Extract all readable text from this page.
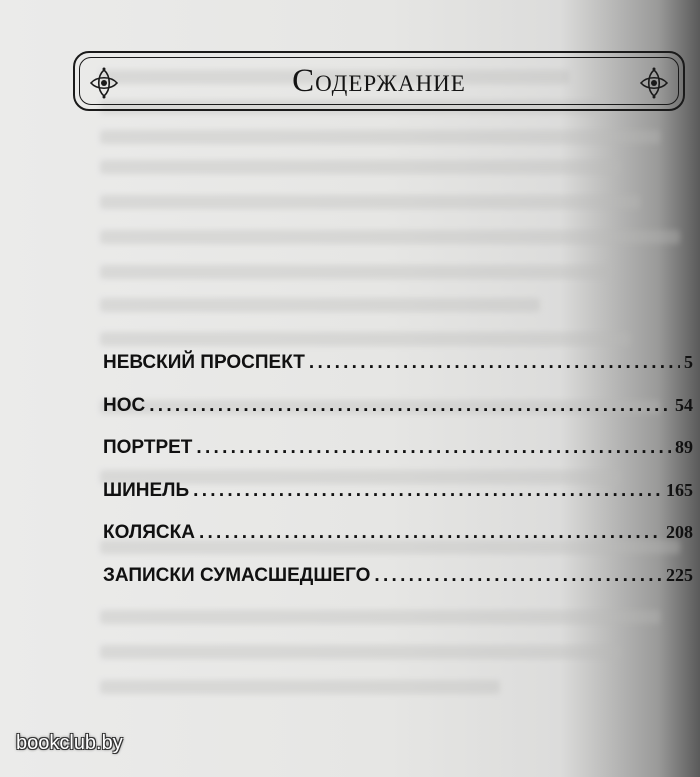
Содержание
НЕВСКИЙ ПРОСПЕКТ . . .	5
НОС . . .	54
ПОРТРЕТ . . .	89
ШИНЕЛЬ . . .	165
КОЛЯСКА . . .	208
ЗАПИСКИ СУМАСШЕДШЕГО . . .	225
bookclub.by
